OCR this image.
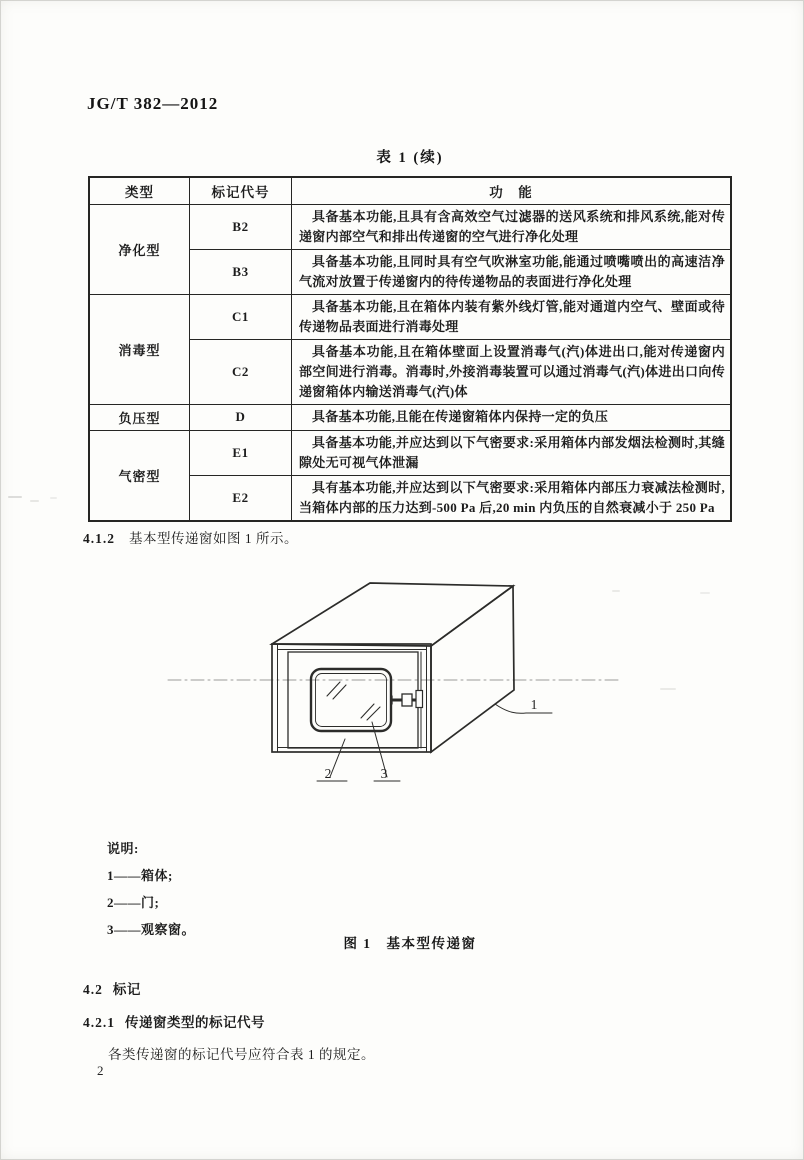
JG/T 382—2012
表 1 (续)
类型	标记代号	功　能
净化型	B2	具备基本功能,且具有含高效空气过滤器的送风系统和排风系统,能对传递窗内部空气和排出传递窗的空气进行净化处理

	B3	具备基本功能,且同时具有空气吹淋室功能,能通过喷嘴喷出的高速洁净气流对放置于传递窗内的待传递物品的表面进行净化处理

消毒型	C1	具备基本功能,且在箱体内装有紫外线灯管,能对通道内空气、壁面或待传递物品表面进行消毒处理

	C2	具备基本功能,且在箱体壁面上设置消毒气(汽)体进出口,能对传递窗内部空间进行消毒。消毒时,外接消毒装置可以通过消毒气(汽)体进出口向传递窗箱体内输送消毒气(汽)体

负压型	D	具备基本功能,且能在传递窗箱体内保持一定的负压

气密型	E1	具备基本功能,并应达到以下气密要求:采用箱体内部发烟法检测时,其缝隙处无可视气体泄漏

	E2	具有基本功能,并应达到以下气密要求:采用箱体内部压力衰减法检测时,当箱体内部的压力达到-500 Pa 后,20 min 内负压的自然衰减小于 250 Pa

4.1.2 基本型传递窗如图 1 所示。
1
2	3
说明:
1——箱体;
2——门;
3——观察窗。
图 1　基本型传递窗
4.2 标记
4.2.1 传递窗类型的标记代号
各类传递窗的标记代号应符合表 1 的规定。
2
